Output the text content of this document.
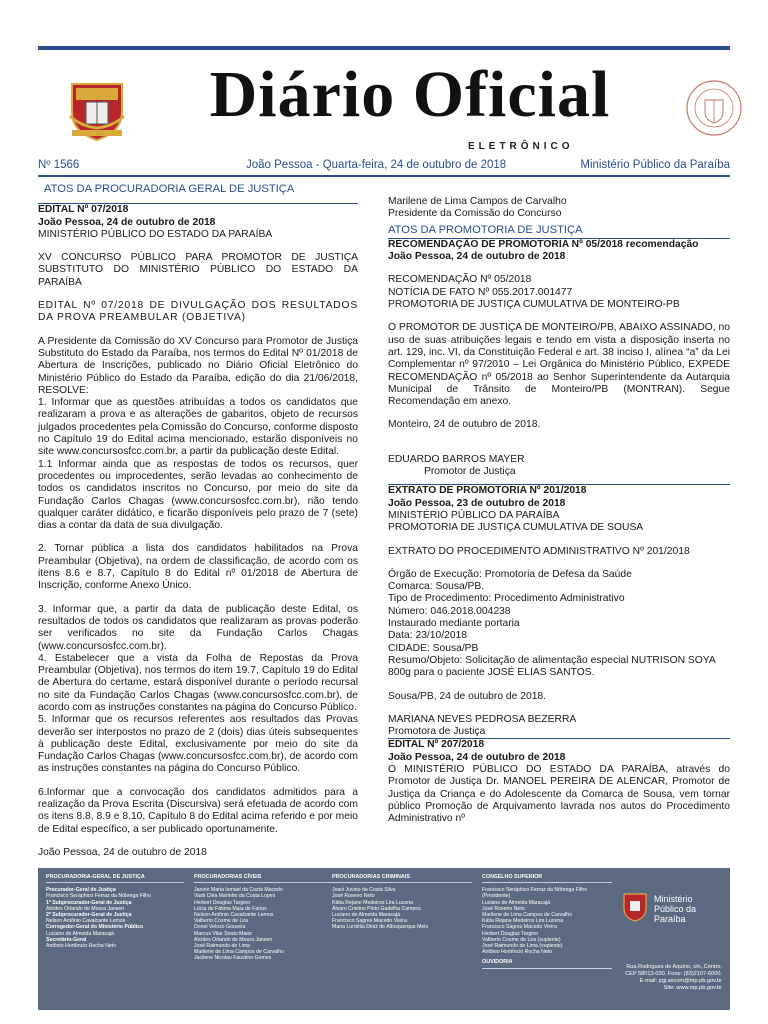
Diário Oficial
ELETRÔNICO
Nº 1566	João Pessoa - Quarta-feira, 24 de outubro de 2018	Ministério Público da Paraíba
ATOS DA PROCURADORIA GERAL DE JUSTIÇA
EDITAL Nº 07/2018
João Pessoa, 24 de outubro de 2018
MINISTÉRIO PÚBLICO DO ESTADO DA PARAÍBA
XV CONCURSO PÚBLICO PARA PROMOTOR DE JUSTIÇA SUBSTITUTO DO MINISTÉRIO PÚBLICO DO ESTADO DA PARAÍBA
EDITAL Nº 07/2018 DE DIVULGAÇÃO DOS RESULTADOS DA PROVA PREAMBULAR (OBJETIVA)
A Presidente da Comissão do XV Concurso para Promotor de Justiça Substituto do Estado da Paraíba, nos termos do Edital Nº 01/2018 de Abertura de Inscrições, publicado no Diário Oficial Eletrônico do Ministério Público do Estado da Paraíba, edição do dia 21/06/2018, RESOLVE:
1. Informar que as questões atribuídas a todos os candidatos que realizaram a prova e as alterações de gabaritos, objeto de recursos julgados procedentes pela Comissão do Concurso, conforme disposto no Capítulo 19 do Edital acima mencionado, estarão disponíveis no site www.concursosfcc.com.br, a partir da publicação deste Edital.
1.1 Informar ainda que as respostas de todos os recursos, quer procedentes ou improcedentes, serão levadas ao conhecimento de todos os candidatos inscritos no Concurso, por meio do site da Fundação Carlos Chagas (www.concursosfcc.com.br), não tendo qualquer caráter didático, e ficarão disponíveis pelo prazo de 7 (sete) dias a contar da data de sua divulgação.
2. Tornar pública a lista dos candidatos habilitados na Prova Preambular (Objetiva), na ordem de classificação, de acordo com os itens 8.6 e 8.7, Capítulo 8 do Edital nº 01/2018 de Abertura de Inscrição, conforme Anexo Único.
3. Informar que, a partir da data de publicação deste Edital, os resultados de todos os candidatos que realizaram as provas poderão ser verificados no site da Fundação Carlos Chagas (www.concursosfcc.com.br).
4. Estabelecer que a vista da Folha de Repostas da Prova Preambular (Objetiva), nos termos do item 19.7, Capítulo 19 do Edital de Abertura do certame, estará disponível durante o período recursal no site da Fundação Carlos Chagas (www.concursosfcc.com.br), de acordo com as instruções constantes na página do Concurso Público.
5. Informar que os recursos referentes aos resultados das Provas deverão ser interpostos no prazo de 2 (dois) dias úteis subsequentes à publicação deste Edital, exclusivamente por meio do site da Fundação Carlos Chagas (www.concursosfcc.com.br), de acordo com as instruções constantes na página do Concurso Público.
6.Informar que a convocação dos candidatos admitidos para a realização da Prova Escrita (Discursiva) será efetuada de acordo com os itens 8.8, 8.9 e 8.10, Capítulo 8 do Edital acima referido e por meio de Edital específico, a ser publicado oportunamente.
João Pessoa, 24 de outubro de 2018
Marilene de Lima Campos de Carvalho
Presidente da Comissão do Concurso
ATOS DA PROMOTORIA DE JUSTIÇA
RECOMENDAÇÃO DE PROMOTORIA Nº 05/2018 recomendação
João Pessoa, 24 de outubro de 2018
RECOMENDAÇÃO Nº 05/2018
NOTÍCIA DE FATO Nº 055.2017.001477
PROMOTORIA DE JUSTIÇA CUMULATIVA DE MONTEIRO-PB
O PROMOTOR DE JUSTIÇA DE MONTEIRO/PB, ABAIXO ASSINADO, no uso de suas atribuições legais e tendo em vista a disposição inserta no art. 129, inc. VI, da Constituição Federal e art. 38 inciso I, alínea “a” da Lei Complementar nº 97/2010 – Lei Orgânica do Ministério Público, EXPEDE RECOMENDAÇÃO nº 05/2018 ao Senhor Superintendente da Autarquia Municipal de Trânsito de Monteiro/PB (MONTRAN). Segue Recomendação em anexo.
Monteiro, 24 de outubro de 2018.
EDUARDO BARROS MAYER
Promotor de Justiça
EXTRATO DE PROMOTORIA Nº 201/2018
João Pessoa, 23 de outubro de 2018
MINISTÉRIO PÚBLICO DA PARAÍBA
PROMOTORIA DE JUSTIÇA CUMULATIVA DE SOUSA
EXTRATO DO PROCEDIMENTO ADMINISTRATIVO Nº 201/2018
Órgão de Execução: Promotoria de Defesa da Saúde
Comarca: Sousa/PB.
Tipo de Procedimento: Procedimento Administrativo
Número: 046.2018.004238
Instaurado mediante portaria
Data: 23/10/2018
CIDADE: Sousa/PB
Resumo/Objeto: Solicitação de alimentação especial NUTRISON SOYA 800g para o paciente JOSÉ ELIAS SANTOS.
Sousa/PB, 24 de outubro de 2018.
MARIANA NEVES PEDROSA BEZERRA
Promotora de Justiça
EDITAL Nº 207/2018
João Pessoa, 24 de outubro de 2018
O MINISTÉRIO PÚBLICO DO ESTADO DA PARAÍBA, através do Promotor de Justiça Dr. MANOEL PEREIRA DE ALENCAR, Promotor de Justiça da Criança e do Adolescente da Comarca de Sousa, vem tornar público Promoção de Arquivamento lavrada nos autos do Procedimento Administrativo nº
PROCURADORIA-GERAL DE JUSTIÇA
Procurador-Geral de Justiça
Francisco Seráphico Ferraz da Nóbrega Filho
1º Subprocurador-Geral de Justiça
Alcides Orlando de Moura Jansen
2º Subprocurador-Geral de Justiça
Nelson Antônio Cavalcante Lemos
Corregedor-Geral do Ministério Público
Luciano de Almeida Maracajá
Secretário-Geral
Antônio Hortêncio Rocha Neto
PROCURADORIAS CÍVEIS
Janete Maria Ismael da Costa Macedo
Vasti Cléa Marinho da Costa Lopes
Herbert Douglas Targino
Lúcia de Fátima Maia de Farias
Nelson Antônio Cavalcante Lemos
Valberto Cosme de Lira
Doriel Veloso Gouveia
Marcus Vilar Souto Maior
Alcides Orlando de Moura Jansen
José Raimundo de Lima
Marilene de Lima Campos de Carvalho
Jacilene Nicolau Faustino Gomes
PROCURADORIAS CRIMINAIS
Joaci Juvino da Costa Silva
José Roseno Neto
Kátia Rejane Medeiros Lira Lucena
Álvaro Cristino Pinto Gadelha Campos
Luciano de Almeida Maracajá
Francisco Sagres Macedo Vieira
Maria Lurdélia Diniz de Albuquerque Melo
CONSELHO SUPERIOR
Francisco Seráphico Ferraz da Nóbrega Filho
(Presidente)
Luciano de Almeida Maracajá
José Roseno Neto
Marilene de Lima Campos de Carvalho
Kátia Rejane Medeiros Lira Lucena
Francisco Sagres Macedo Vieira
Herbert Douglas Targino
Valberto Cosme de Lira (suplente)
José Raimundo de Lima (suplente)
Antônio Hortêncio Rocha Neto
OUVIDORIA
Ministério
Público da
Paraíba
Rua Rodrigues de Aquino, s/n, Centro.
CEP 58013-030. Fone: (83)2107-6000.
E-mail: pgj.ascom@mp.pb.gov.br
Site: www.mp.pb.gov.br
